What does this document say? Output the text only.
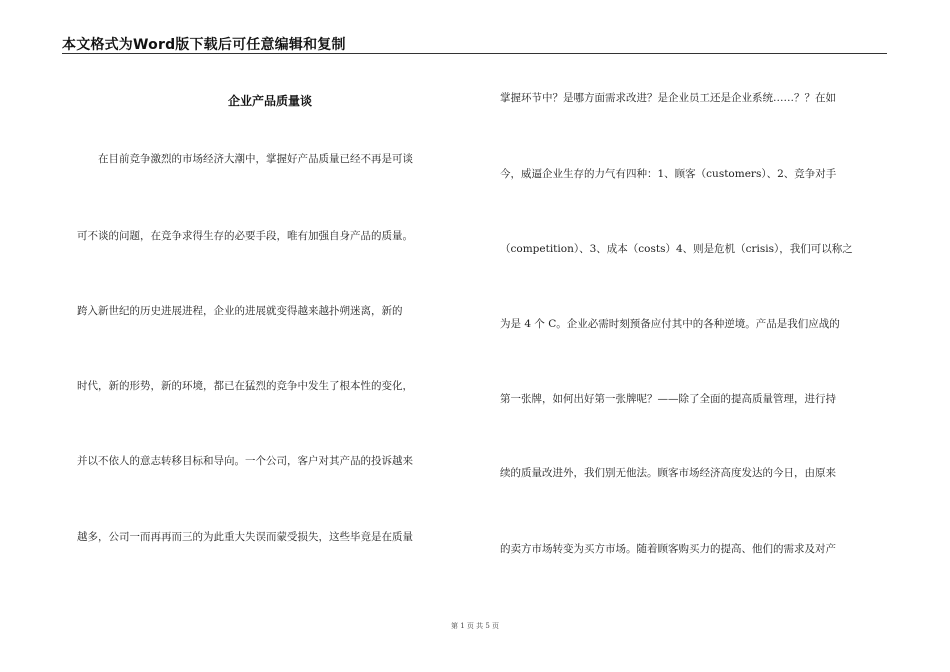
本文格式为Word版下载后可任意编辑和复制
企业产品质量谈
　　在目前竞争激烈的市场经济大潮中，掌握好产品质量已经不再是可谈
可不谈的问题，在竞争求得生存的必要手段，唯有加强自身产品的质量。
跨入新世纪的历史进展进程，企业的进展就变得越来越扑朔迷离，新的
时代，新的形势，新的环境，都已在猛烈的竞争中发生了根本性的变化，
并以不依人的意志转移目标和导向。一个公司，客户对其产品的投诉越来
越多，公司一而再再而三的为此重大失误而蒙受损失，这些毕竟是在质量
掌握环节中？是哪方面需求改进？是企业员工还是企业系统……？？在如
今，威逼企业生存的力气有四种：1、顾客（customers）、2、竞争对手
（competition）、3、成本（costs）4、则是危机（crisis），我们可以称之
为是 4 个 C。企业必需时刻预备应付其中的各种逆境。产品是我们应战的
第一张牌，如何出好第一张牌呢？——除了全面的提高质量管理，进行持
续的质量改进外，我们别无他法。顾客市场经济高度发达的今日，由原来
的卖方市场转变为买方市场。随着顾客购买力的提高、他们的需求及对产
第 1 页 共 5 页
